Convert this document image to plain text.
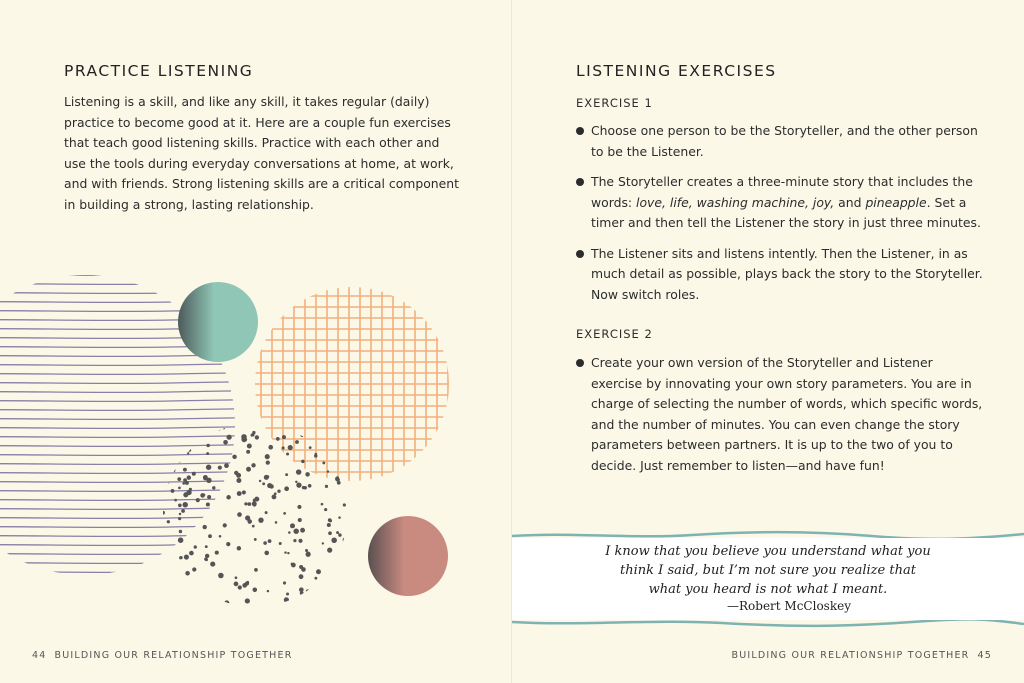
PRACTICE LISTENING

Listening is a skill, and like any skill, it takes regular (daily) practice to become good at it. Here are a couple fun exercises that teach good listening skills. Practice with each other and use the tools during everyday conversations at home, at work, and with friends. Strong listening skills are a critical component in building a strong, lasting relationship.

44 BUILDING OUR RELATIONSHIP TOGETHER
LISTENING EXERCISES

EXERCISE 1

Choose one person to be the Storyteller, and the other person to be the Listener.
The Storyteller creates a three-minute story that includes the words: love, life, washing machine, joy, and pineapple. Set a timer and then tell the Listener the story in just three minutes.
The Listener sits and listens intently. Then the Listener, in as much detail as possible, plays back the story to the Storyteller. Now switch roles.

EXERCISE 2

Create your own version of the Storyteller and Listener exercise by innovating your own story parameters. You are in charge of selecting the number of words, which specific words, and the number of minutes. You can even change the story parameters between partners. It is up to the two of you to decide. Just remember to listen—and have fun!

I know that you believe you understand what you think I said, but I’m not sure you realize that what you heard is not what I meant.

—Robert McCloskey
BUILDING OUR RELATIONSHIP TOGETHER 45
